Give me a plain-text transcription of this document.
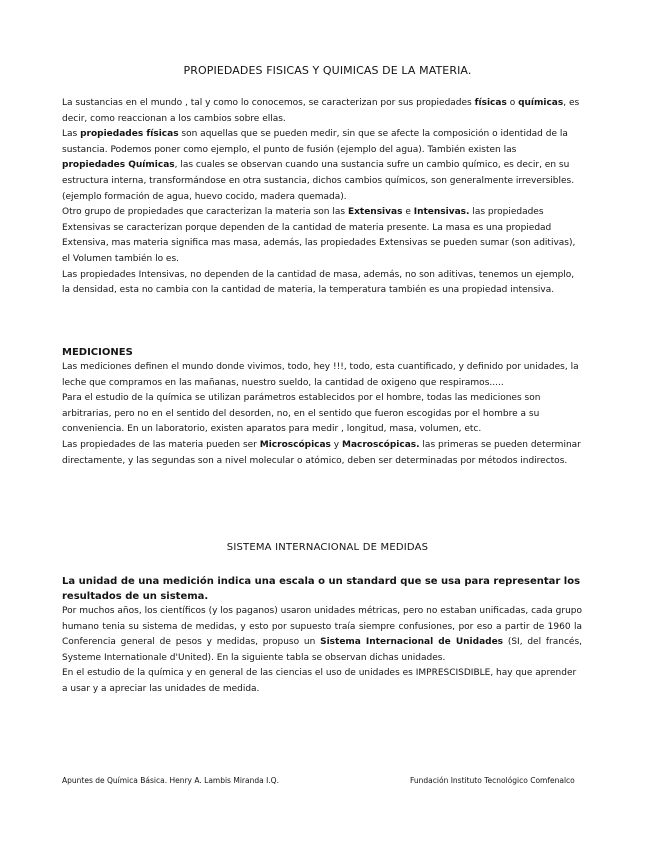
PROPIEDADES FISICAS Y QUIMICAS DE LA MATERIA.

La sustancias en el mundo , tal y como lo conocemos, se caracterizan por sus propiedades físicas o químicas, es decir, como reaccionan a los cambios sobre ellas.

Las propiedades físicas son aquellas que se pueden medir, sin que se afecte la composición o identidad de la sustancia. Podemos poner como ejemplo, el punto de fusión (ejemplo del agua). También existen las propiedades Químicas, las cuales se observan cuando una sustancia sufre un cambio químico, es decir, en su estructura interna, transformándose en otra sustancia, dichos cambios químicos, son generalmente irreversibles. (ejemplo formación de agua, huevo cocido, madera quemada).

Otro grupo de propiedades que caracterizan la materia son las Extensivas e Intensivas. las propiedades Extensivas se caracterizan porque dependen de la cantidad de materia presente. La masa es una propiedad Extensiva, mas materia significa mas masa, además, las propiedades Extensivas se pueden sumar (son aditivas), el Volumen también lo es.

Las propiedades Intensivas, no dependen de la cantidad de masa, además, no son aditivas, tenemos un ejemplo, la densidad, esta no cambia con la cantidad de materia, la temperatura también es una propiedad intensiva.

MEDICIONES

Las mediciones definen el mundo donde vivimos, todo, hey !!!, todo, esta cuantificado, y definido por unidades, la leche que compramos en las mañanas, nuestro sueldo, la cantidad de oxigeno que respiramos.....

Para el estudio de la química se utilizan parámetros establecidos por el hombre, todas las mediciones son arbitrarias, pero no en el sentido del desorden, no, en el sentido que fueron escogidas por el hombre a su conveniencia. En un laboratorio, existen aparatos para medir , longitud, masa, volumen, etc.

Las propiedades de las materia pueden ser Microscópicas y Macroscópicas. las primeras se pueden determinar directamente, y las segundas son a nivel molecular o atómico, deben ser determinadas por métodos indirectos.

SISTEMA INTERNACIONAL DE MEDIDAS

La unidad de una medición indica una escala o un standard que se usa para representar los resultados de un sistema.

Por muchos años, los científicos (y los paganos) usaron unidades métricas, pero no estaban unificadas, cada grupo humano tenia su sistema de medidas, y esto por supuesto traía siempre confusiones, por eso a partir de 1960 la Conferencia general de pesos y medidas, propuso un Sistema Internacional de Unidades (SI, del francés, Systeme Internationale d'United). En la siguiente tabla se observan dichas unidades.

En el estudio de la química y en general de las ciencias el uso de unidades es IMPRESCISDIBLE, hay que aprender a usar y a apreciar las unidades de medida.

Apuntes de Química Básica. Henry A. Lambis Miranda I.Q.	Fundación Instituto Tecnológico Comfenalco
